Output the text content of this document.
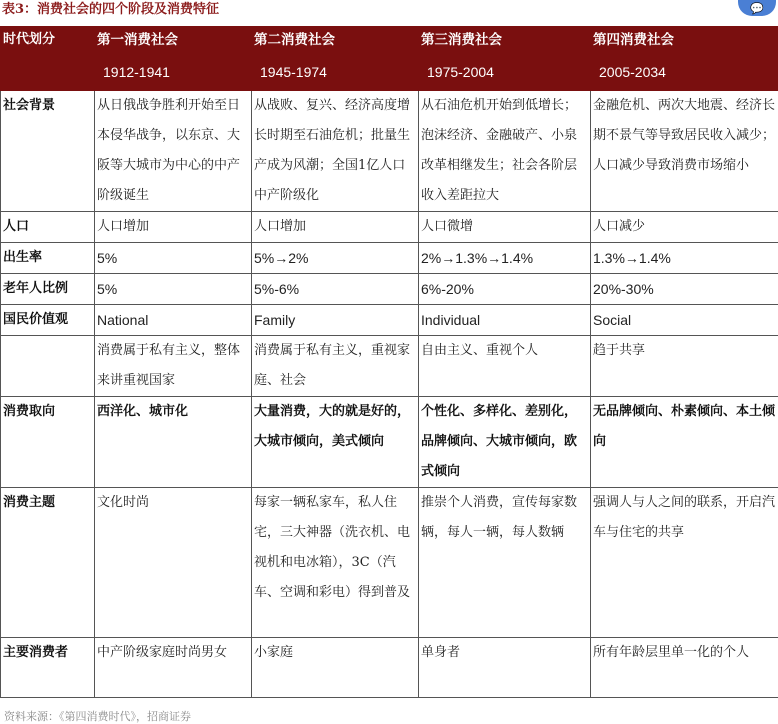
表3：消费社会的四个阶段及消费特征	💬
时代划分	第一消费社会	第二消费社会	第三消费社会	第四消费社会
	1912-1941	1945-1974	1975-2004	2005-2034
社会背景	从日俄战争胜利开始至日本侵华战争，以东京、大阪等大城市为中心的中产阶级诞生	从战败、复兴、经济高度增长时期至石油危机；批量生产成为风潮；全国1亿人口中产阶级化	从石油危机开始到低增长；泡沫经济、金融破产、小泉改革相继发生；社会各阶层收入差距拉大	金融危机、两次大地震、经济长期不景气等导致居民收入减少；人口减少导致消费市场缩小
人口	人口增加	人口增加	人口微增	人口减少
出生率	5%	5%→2%	2%→1.3%→1.4%	1.3%→1.4%
老年人比例	5%	5%-6%	6%-20%	20%-30%
国民价值观	National	Family	Individual	Social
	消费属于私有主义，整体来讲重视国家	消费属于私有主义，重视家庭、社会	自由主义、重视个人	趋于共享
消费取向	西洋化、城市化	大量消费，大的就是好的，大城市倾向，美式倾向	个性化、多样化、差别化，品牌倾向、大城市倾向，欧式倾向	无品牌倾向、朴素倾向、本土倾向
消费主题	文化时尚	每家一辆私家车，私人住宅，三大神器（洗衣机、电视机和电冰箱），3C（汽车、空调和彩电）得到普及	推崇个人消费，宣传每家数辆，每人一辆，每人数辆	强调人与人之间的联系，开启汽车与住宅的共享
主要消费者	中产阶级家庭时尚男女	小家庭	单身者	所有年龄层里单一化的个人
资料来源：《第四消费时代》，招商证券
